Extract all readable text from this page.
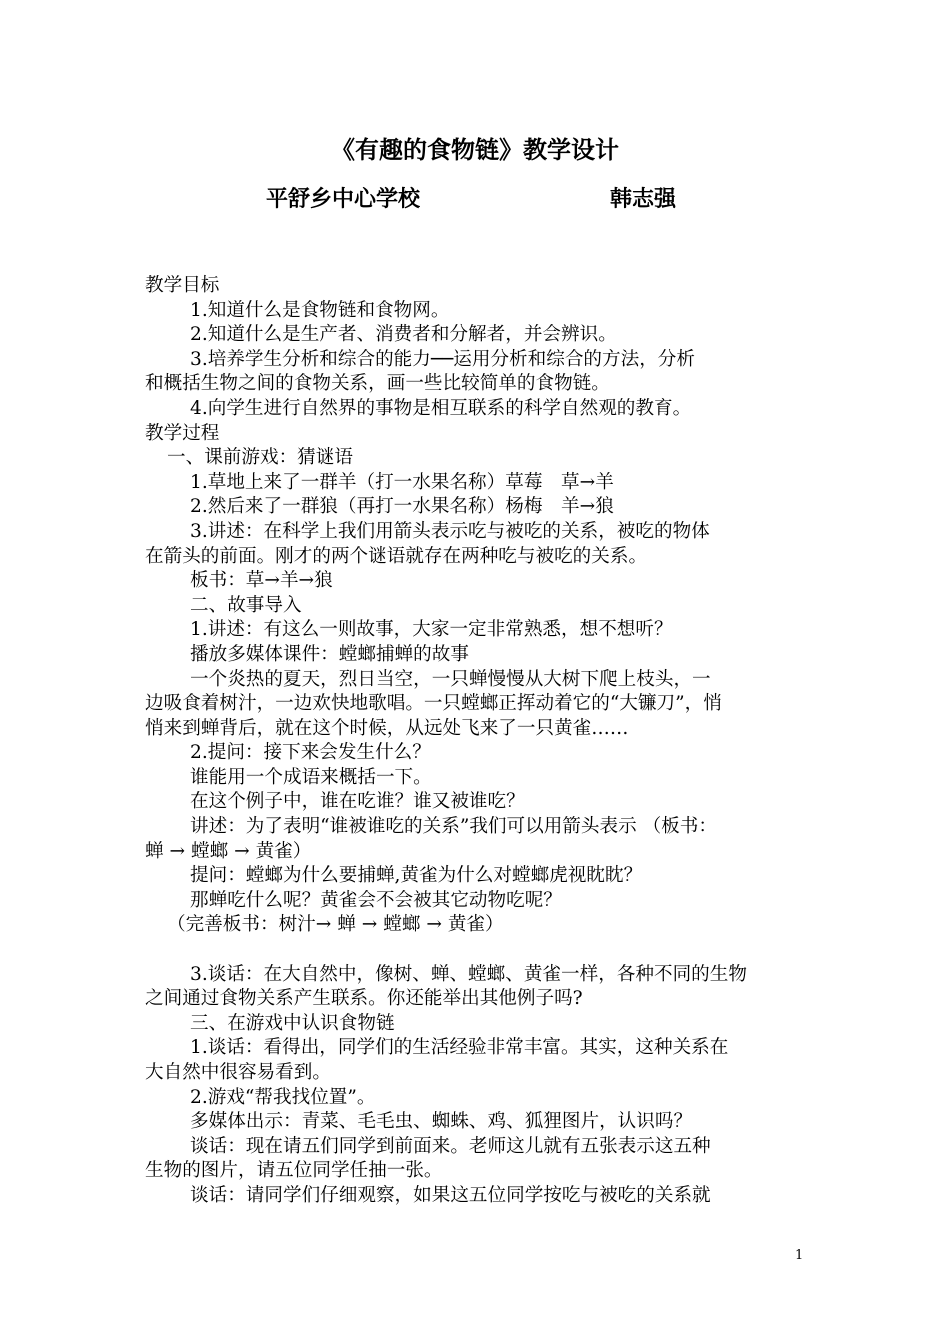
《有趣的食物链》教学设计
平舒乡中心学校	韩志强

教学目标

1.知道什么是食物链和食物网。

2.知道什么是生产者、消费者和分解者，并会辨识。

3.培养学生分析和综合的能力──运用分析和综合的方法，分析

和概括生物之间的食物关系，画一些比较简单的食物链。

4.向学生进行自然界的事物是相互联系的科学自然观的教育。

教学过程

一、课前游戏：猜谜语

1.草地上来了一群羊（打一水果名称）草莓　草→羊

2.然后来了一群狼（再打一水果名称）杨梅　羊→狼

3.讲述：在科学上我们用箭头表示吃与被吃的关系，被吃的物体

在箭头的前面。刚才的两个谜语就存在两种吃与被吃的关系。

板书：草→羊→狼

二、故事导入

1.讲述：有这么一则故事，大家一定非常熟悉，想不想听？

播放多媒体课件：螳螂捕蝉的故事

一个炎热的夏天，烈日当空，一只蝉慢慢从大树下爬上枝头，一

边吸食着树汁，一边欢快地歌唱。一只螳螂正挥动着它的“大镰刀”，悄

悄来到蝉背后，就在这个时候，从远处飞来了一只黄雀……

2.提问：接下来会发生什么？

谁能用一个成语来概括一下。

在这个例子中，谁在吃谁？谁又被谁吃？

讲述：为了表明“谁被谁吃的关系”我们可以用箭头表示 （板书：

蝉 → 螳螂 → 黄雀）

提问：螳螂为什么要捕蝉,黄雀为什么对螳螂虎视眈眈？

那蝉吃什么呢？黄雀会不会被其它动物吃呢？

（完善板书：树汁→ 蝉 → 螳螂 → 黄雀）

3.谈话：在大自然中，像树、蝉、螳螂、黄雀一样，各种不同的生物

之间通过食物关系产生联系。你还能举出其他例子吗?

三、在游戏中认识食物链

1.谈话：看得出，同学们的生活经验非常丰富。其实，这种关系在

大自然中很容易看到。

2.游戏“帮我找位置”。

多媒体出示：青菜、毛毛虫、蜘蛛、鸡、狐狸图片，认识吗？

谈话：现在请五们同学到前面来。老师这儿就有五张表示这五种

生物的图片，请五位同学任抽一张。

谈话：请同学们仔细观察，如果这五位同学按吃与被吃的关系就

1
